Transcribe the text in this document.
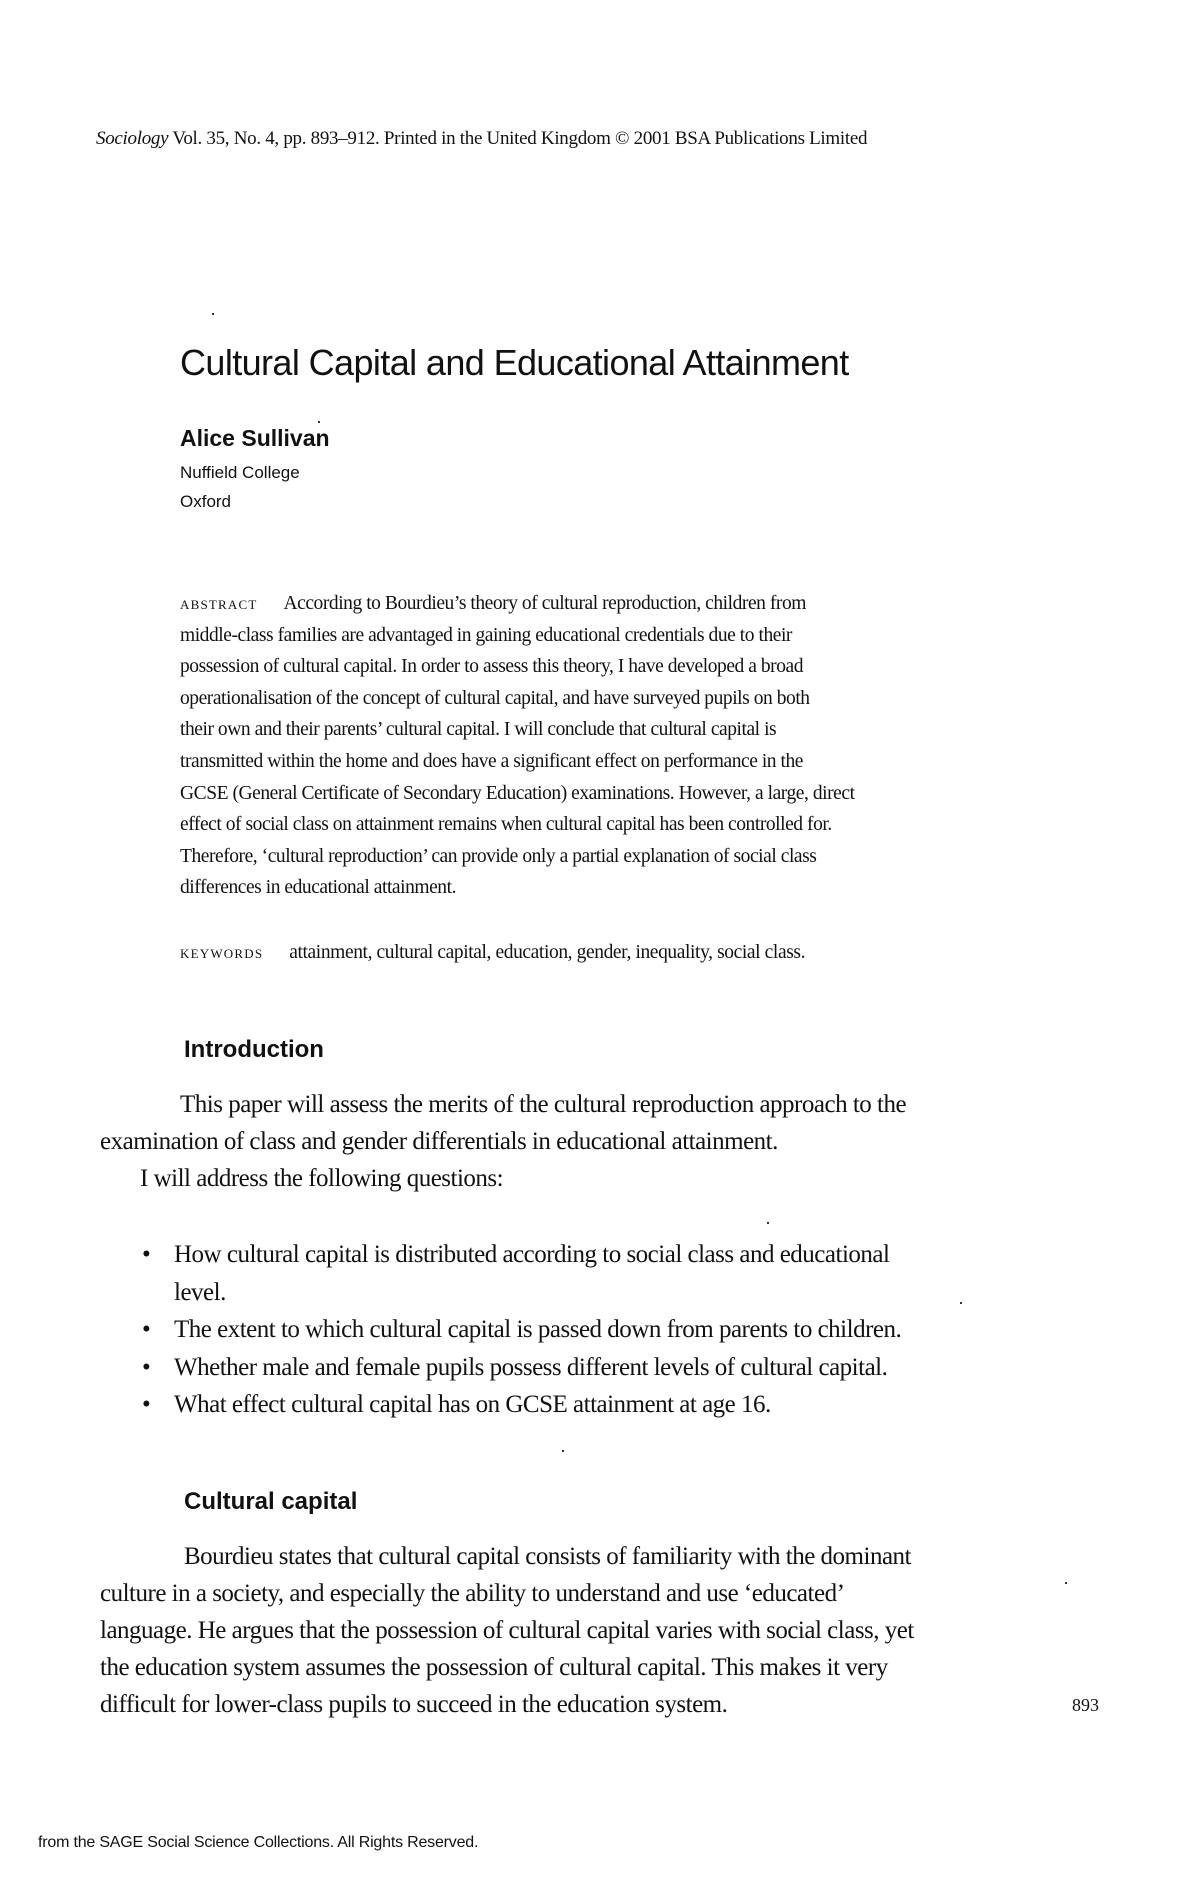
Sociology Vol. 35, No. 4, pp. 893–912. Printed in the United Kingdom © 2001 BSA Publications Limited
Cultural Capital and Educational Attainment
Alice Sullivan
Nuffield College
Oxford
abstract According to Bourdieu’s theory of cultural reproduction, children from
middle-class families are advantaged in gaining educational credentials due to their
possession of cultural capital. In order to assess this theory, I have developed a broad
operationalisation of the concept of cultural capital, and have surveyed pupils on both
their own and their parents’ cultural capital. I will conclude that cultural capital is
transmitted within the home and does have a significant effect on performance in the
GCSE (General Certificate of Secondary Education) examinations. However, a large, direct
effect of social class on attainment remains when cultural capital has been controlled for.
Therefore, ‘cultural reproduction’ can provide only a partial explanation of social class
differences in educational attainment.
keywords attainment, cultural capital, education, gender, inequality, social class.
Introduction
This paper will assess the merits of the cultural reproduction approach to the
examination of class and gender differentials in educational attainment.
I will address the following questions:
• How cultural capital is distributed according to social class and educational
level.
• The extent to which cultural capital is passed down from parents to children.
• Whether male and female pupils possess different levels of cultural capital.
• What effect cultural capital has on GCSE attainment at age 16.
Cultural capital
Bourdieu states that cultural capital consists of familiarity with the dominant
culture in a society, and especially the ability to understand and use ‘educated’
language. He argues that the possession of cultural capital varies with social class, yet
the education system assumes the possession of cultural capital. This makes it very
difficult for lower-class pupils to succeed in the education system.	893
from the SAGE Social Science Collections. All Rights Reserved.
